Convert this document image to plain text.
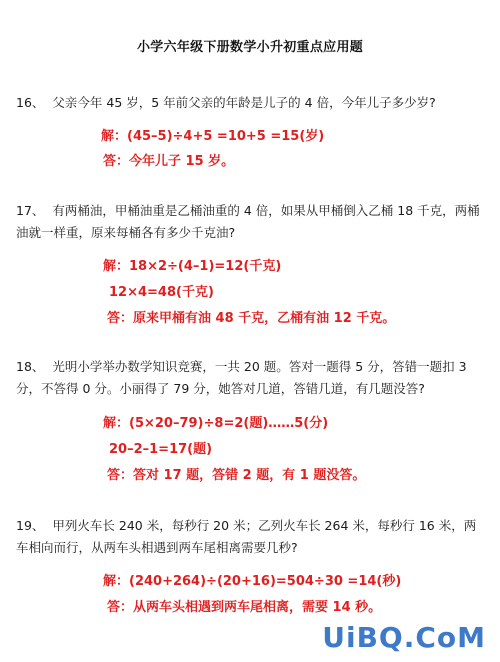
小学六年级下册数学小升初重点应用题
16、 父亲今年 45 岁，5 年前父亲的年龄是儿子的 4 倍，今年儿子多少岁?
解：(45–5)÷4+5 =10+5 =15(岁)
答：今年儿子 15 岁。
17、 有两桶油，甲桶油重是乙桶油重的 4 倍，如果从甲桶倒入乙桶 18 千克，两桶油就一样重，原来每桶各有多少千克油?
解：18×2÷(4–1)=12(千克)
12×4=48(千克)
答：原来甲桶有油 48 千克，乙桶有油 12 千克。
18、 光明小学举办数学知识竞赛，一共 20 题。答对一题得 5 分，答错一题扣 3 分，不答得 0 分。小丽得了 79 分，她答对几道，答错几道，有几题没答?
解：(5×20–79)÷8=2(题)……5(分)
20–2–1=17(题)
答：答对 17 题，答错 2 题，有 1 题没答。
19、 甲列火车长 240 米，每秒行 20 米；乙列火车长 264 米，每秒行 16 米，两车相向而行，从两车头相遇到两车尾相离需要几秒?
解：(240+264)÷(20+16)=504÷30 =14(秒)
答：从两车头相遇到两车尾相离，需要 14 秒。
UiBQ.CoM
